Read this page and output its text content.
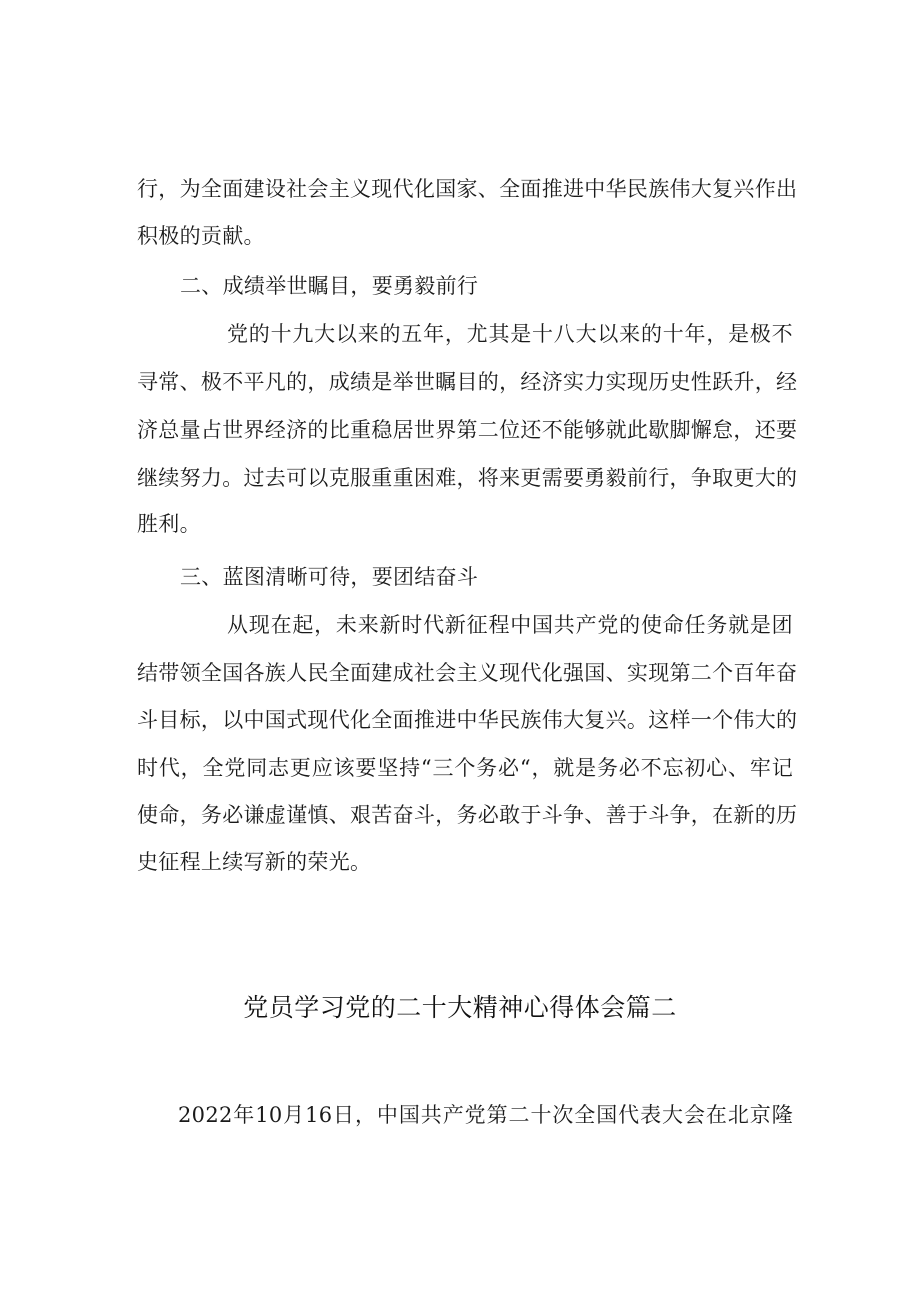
行，为全面建设社会主义现代化国家、全面推进中华民族伟大复兴作出
积极的贡献。
二、成绩举世瞩目，要勇毅前行
党的十九大以来的五年，尤其是十八大以来的十年，是极不
寻常、极不平凡的，成绩是举世瞩目的，经济实力实现历史性跃升，经
济总量占世界经济的比重稳居世界第二位还不能够就此歇脚懈怠，还要
继续努力。过去可以克服重重困难，将来更需要勇毅前行，争取更大的
胜利。
三、蓝图清晰可待，要团结奋斗
从现在起，未来新时代新征程中国共产党的使命任务就是团
结带领全国各族人民全面建成社会主义现代化强国、实现第二个百年奋
斗目标，以中国式现代化全面推进中华民族伟大复兴。这样一个伟大的
时代，全党同志更应该要坚持“三个务必“，就是务必不忘初心、牢记
使命，务必谦虚谨慎、艰苦奋斗，务必敢于斗争、善于斗争，在新的历
史征程上续写新的荣光。
党员学习党的二十大精神心得体会篇二
2022年10月16日，中国共产党第二十次全国代表大会在北京隆
